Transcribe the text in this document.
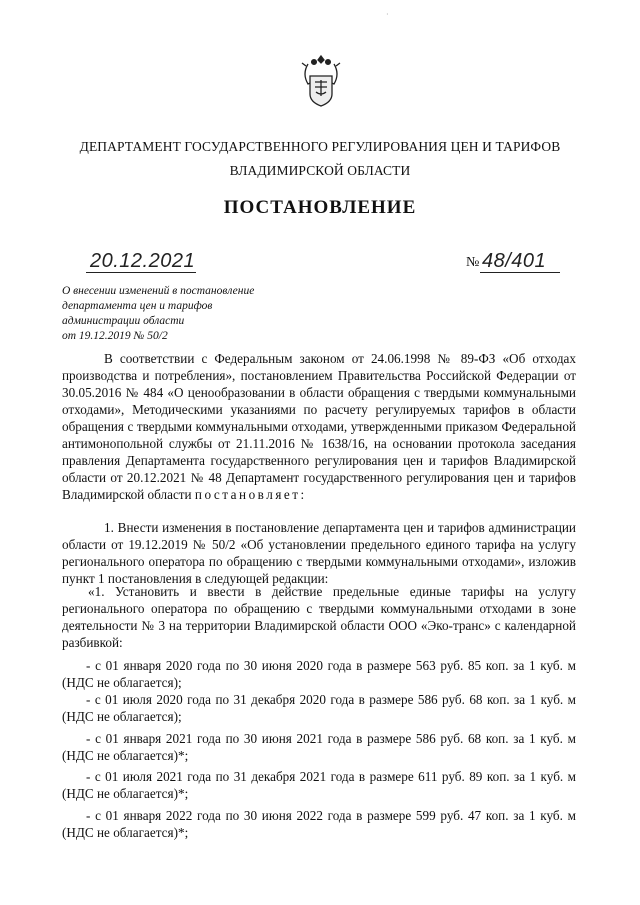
·
ДЕПАРТАМЕНТ ГОСУДАРСТВЕННОГО РЕГУЛИРОВАНИЯ ЦЕН И ТАРИФОВ
ВЛАДИМИРСКОЙ ОБЛАСТИ
ПОСТАНОВЛЕНИЕ
20.12.2021	№ 48/401
О внесении изменений в постановление
департамента цен и тарифов
администрации области
от 19.12.2019 № 50/2
В соответствии с Федеральным законом от 24.06.1998 № 89-ФЗ «Об отходах производства и потребления», постановлением Правительства Российской Федерации от 30.05.2016 № 484 «О ценообразовании в области обращения с твердыми коммунальными отходами», Методическими указаниями по расчету регулируемых тарифов в области обращения с твердыми коммунальными отходами, утвержденными приказом Федеральной антимонопольной службы от 21.11.2016 № 1638/16, на основании протокола заседания правления Департамента государственного регулирования цен и тарифов Владимирской области от 20.12.2021 № 48 Департамент государственного регулирования цен и тарифов Владимирской области постановляет:
1. Внести изменения в постановление департамента цен и тарифов администрации области от 19.12.2019 № 50/2 «Об установлении предельного единого тарифа на услугу регионального оператора по обращению с твердыми коммунальными отходами», изложив пункт 1 постановления в следующей редакции:
«1. Установить и ввести в действие предельные единые тарифы на услугу регионального оператора по обращению с твердыми коммунальными отходами в зоне деятельности № 3 на территории Владимирской области ООО «Эко-транс» с календарной разбивкой:
- с 01 января 2020 года по 30 июня 2020 года в размере 563 руб. 85 коп. за 1 куб. м (НДС не облагается);
- с 01 июля 2020 года по 31 декабря 2020 года в размере 586 руб. 68 коп. за 1 куб. м (НДС не облагается);
- с 01 января 2021 года по 30 июня 2021 года в размере 586 руб. 68 коп. за 1 куб. м (НДС не облагается)*;
- с 01 июля 2021 года по 31 декабря 2021 года в размере 611 руб. 89 коп. за 1 куб. м (НДС не облагается)*;
- с 01 января 2022 года по 30 июня 2022 года в размере 599 руб. 47 коп. за 1 куб. м (НДС не облагается)*;
